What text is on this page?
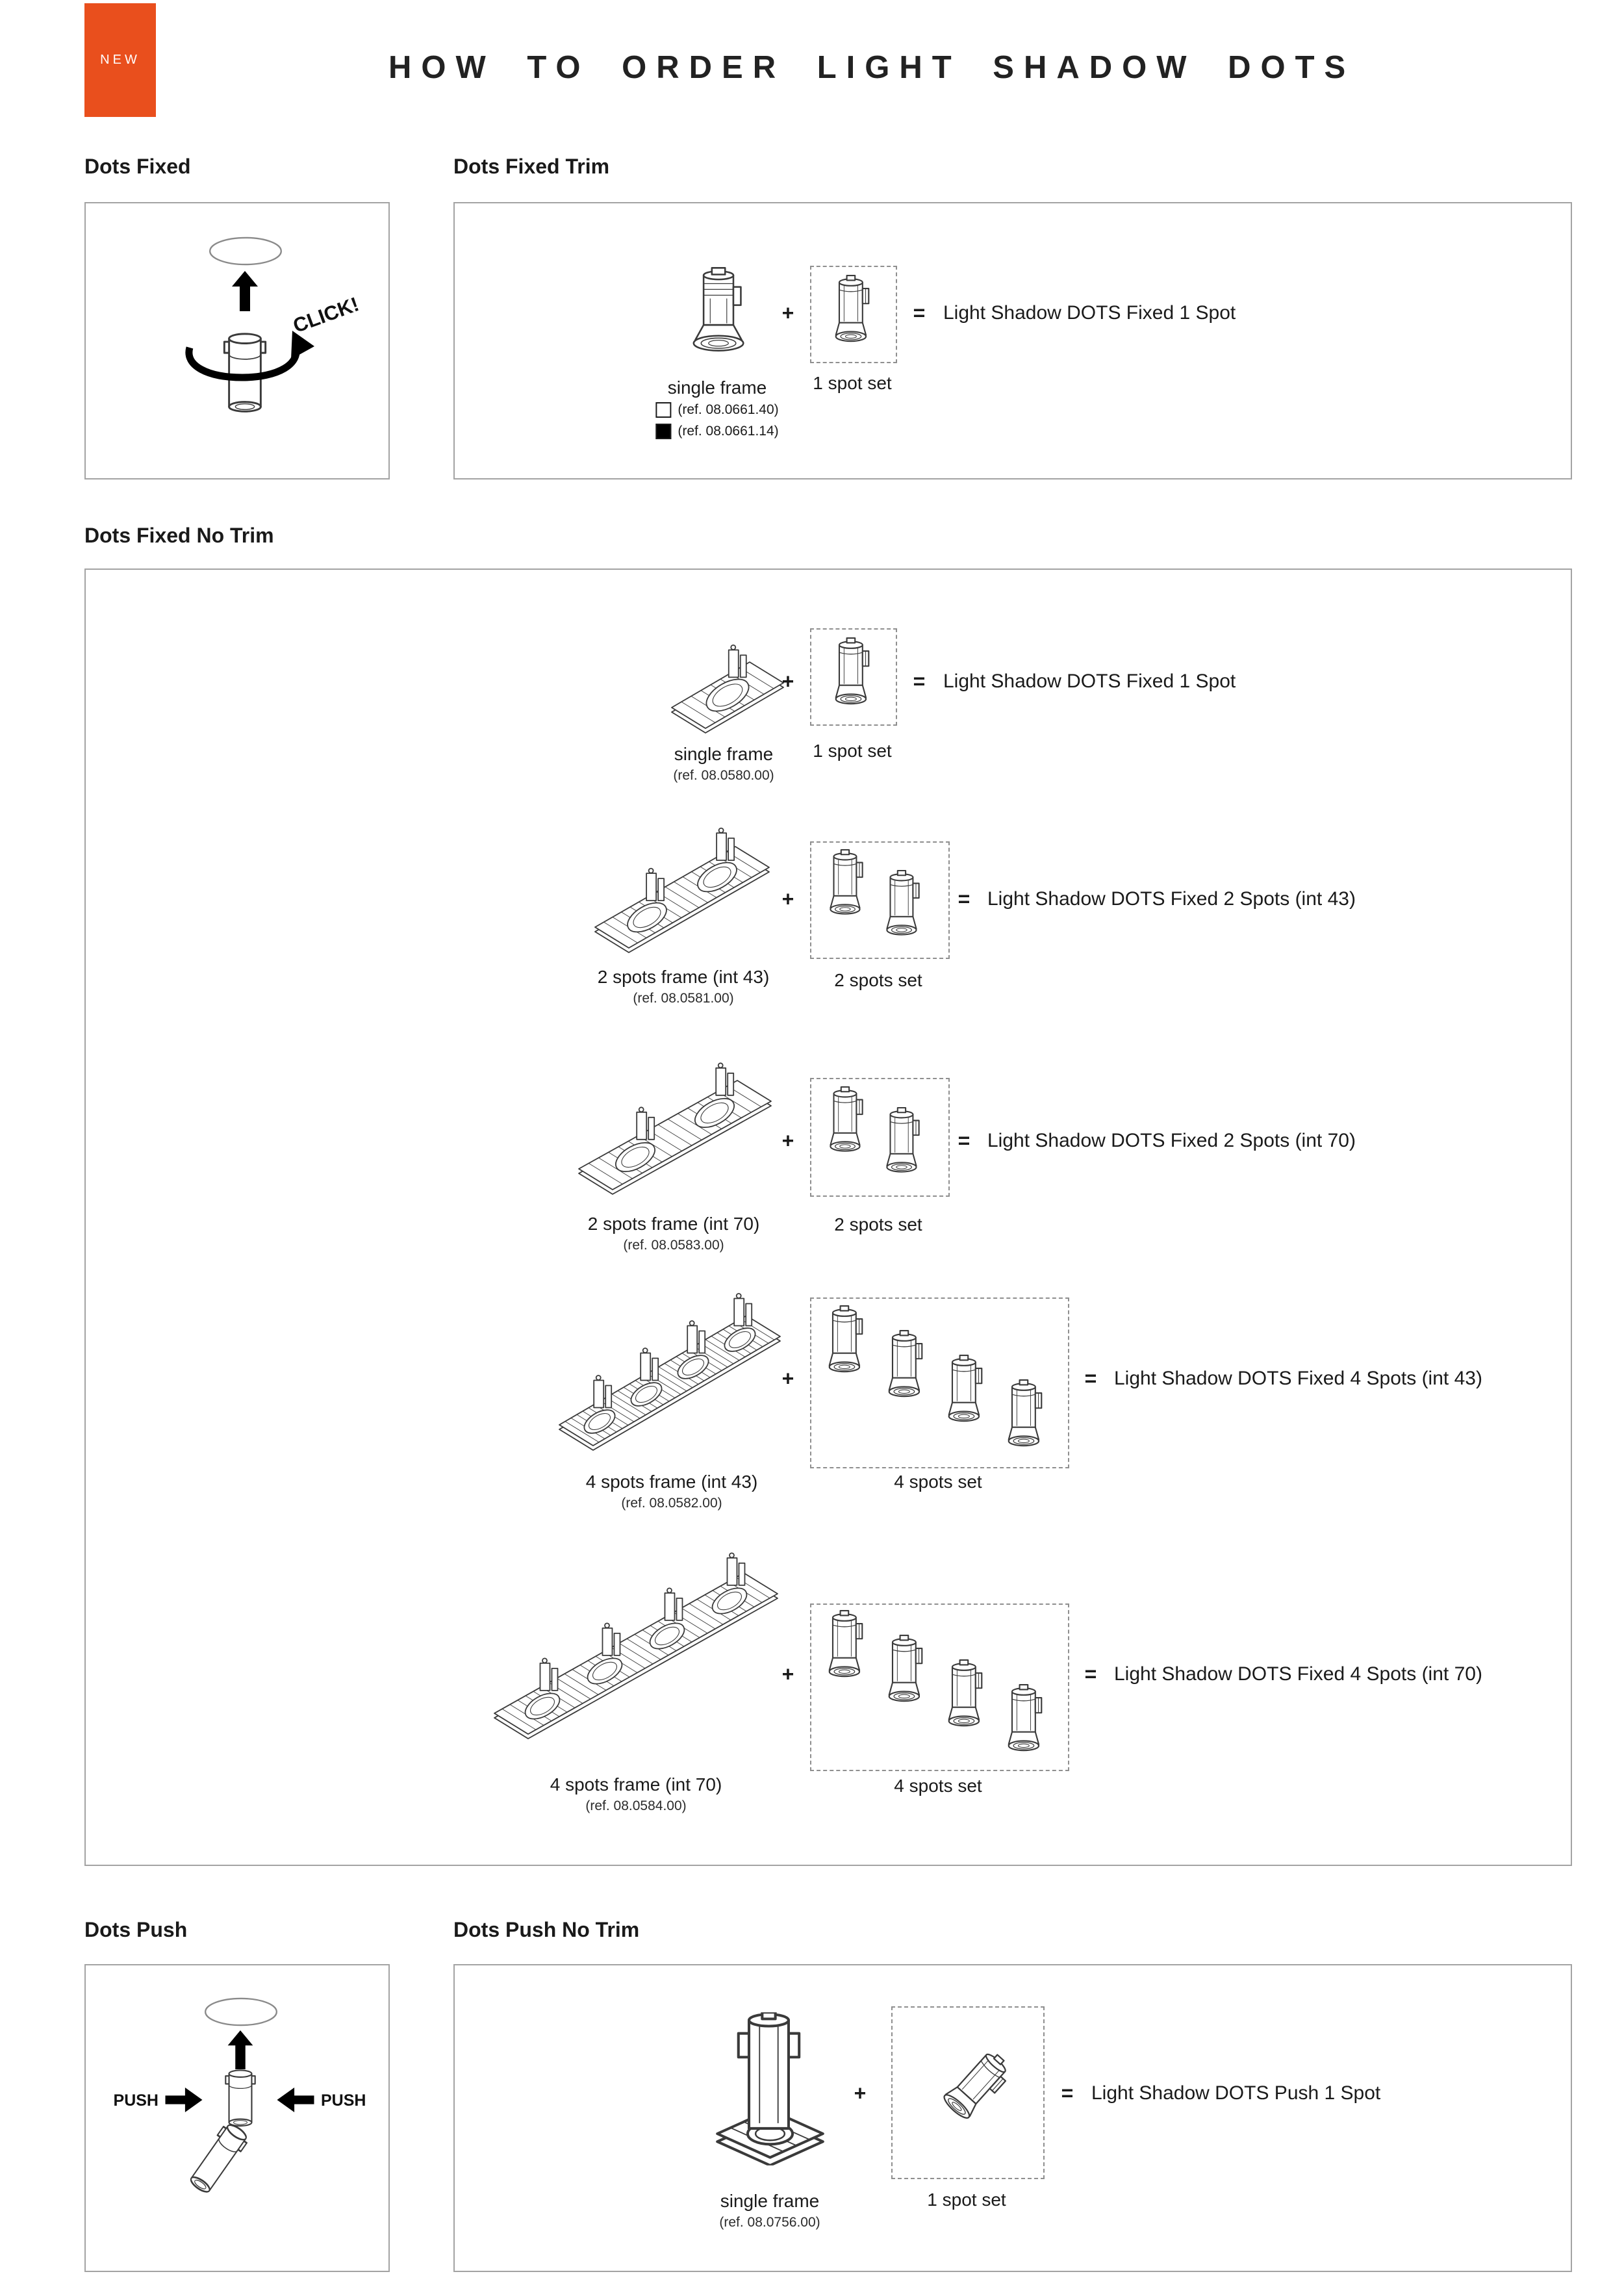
NEW	HOW TO ORDER LIGHT SHADOW DOTS
Dots Fixed	Dots Fixed Trim
Dots Fixed No Trim
Dots Push	Dots Push No Trim
CLICK!	+	= Light Shadow DOTS Fixed 1 Spot
single frame
(ref. 08.0661.40)
(ref. 08.0661.14)
1 spot set
+	= Light Shadow DOTS Fixed 1 Spot
single frame
(ref. 08.0580.00)
1 spot set
+	= Light Shadow DOTS Fixed 2 Spots (int 43)
2 spots frame (int 43)
(ref. 08.0581.00)
2 spots set
+	= Light Shadow DOTS Fixed 2 Spots (int 70)
2 spots frame (int 70)
(ref. 08.0583.00)
2 spots set
+	= Light Shadow DOTS Fixed 4 Spots (int 43)
4 spots frame (int 43)
(ref. 08.0582.00)
4 spots set
+	= Light Shadow DOTS Fixed 4 Spots (int 70)
4 spots frame (int 70)
(ref. 08.0584.00)
4 spots set
PUSH	PUSH	+	= Light Shadow DOTS Push 1 Spot
single frame
(ref. 08.0756.00)
1 spot set
